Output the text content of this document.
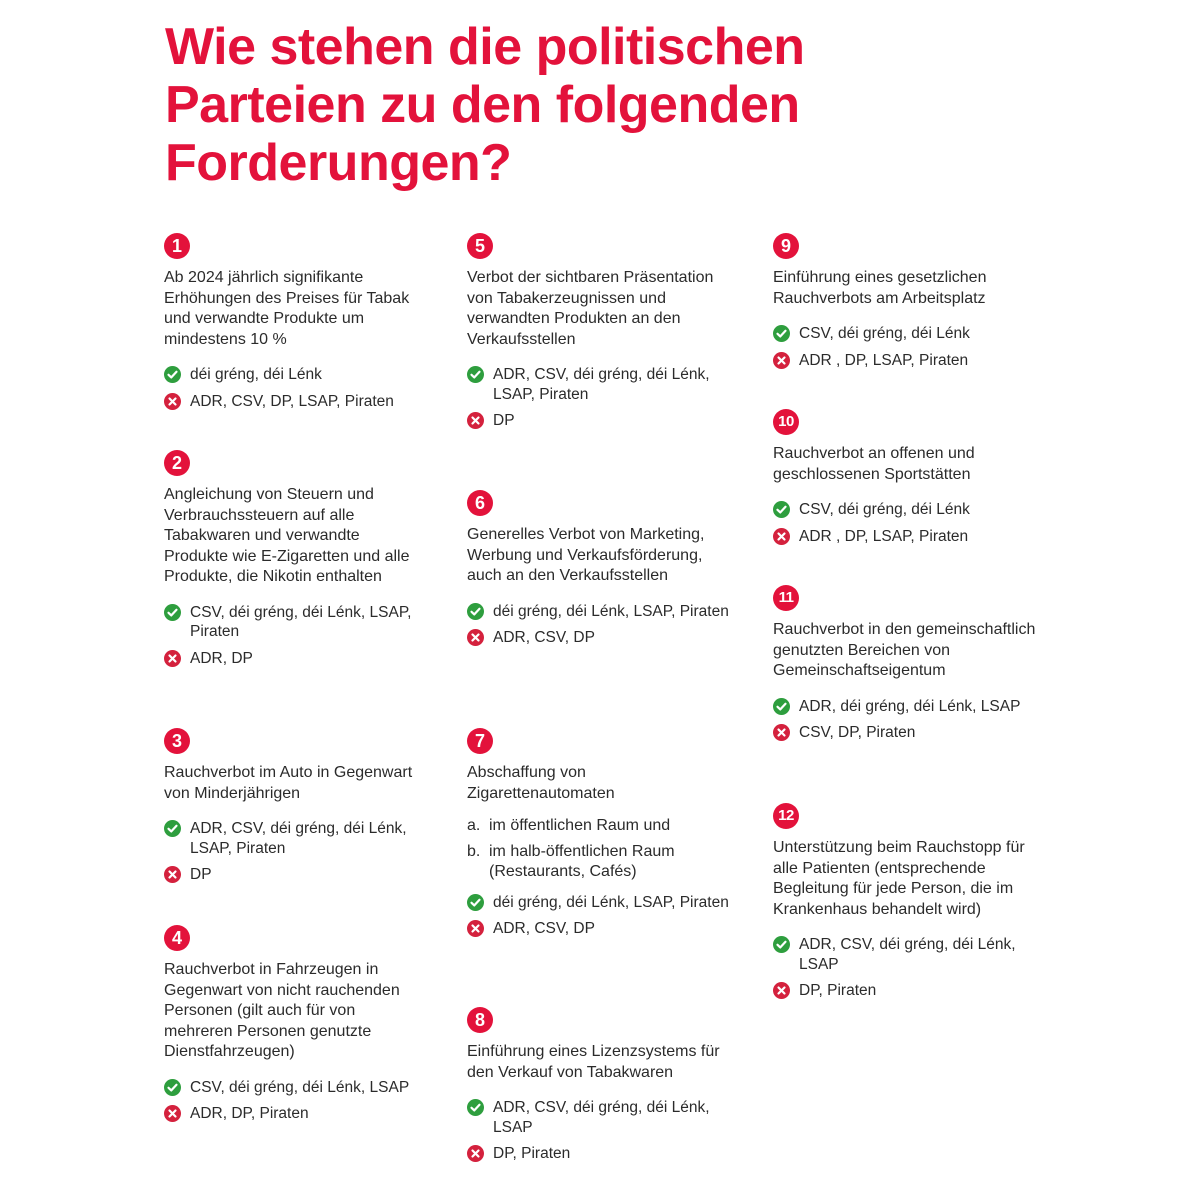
Wie stehen die politischen
Parteien zu den folgenden
Forderungen?
1
Ab 2024 jährlich signifikante Erhöhungen des Preises für Tabak und verwandte Produkte um mindestens 10 %
déi gréng, déi Lénk
ADR, CSV, DP, LSAP, Piraten
2
Angleichung von Steuern und Verbrauchssteuern auf alle Tabakwaren und verwandte Produkte wie E-Zigaretten und alle Produkte, die Nikotin enthalten
CSV, déi gréng, déi Lénk, LSAP, Piraten
ADR, DP
3
Rauchverbot im Auto in Gegenwart von Minderjährigen
ADR, CSV, déi gréng, déi Lénk, LSAP, Piraten
DP
4
Rauchverbot in Fahrzeugen in Gegenwart von nicht rauchenden Personen (gilt auch für von mehreren Personen genutzte Dienstfahrzeugen)
CSV, déi gréng, déi Lénk, LSAP
ADR, DP, Piraten
5
Verbot der sichtbaren Präsentation von Tabakerzeugnissen und verwandten Produkten an den Verkaufsstellen
ADR, CSV, déi gréng, déi Lénk, LSAP, Piraten
DP
6
Generelles Verbot von Marketing, Werbung und Verkaufsförderung, auch an den Verkaufsstellen
déi gréng, déi Lénk, LSAP, Piraten
ADR, CSV, DP
7
Abschaffung von Zigarettenautomaten
a. im öffentlichen Raum und
b. im halb-öffentlichen Raum (Restaurants, Cafés)
déi gréng, déi Lénk, LSAP, Piraten
ADR, CSV, DP
8
Einführung eines Lizenzsystems für den Verkauf von Tabakwaren
ADR, CSV, déi gréng, déi Lénk, LSAP
DP, Piraten
9
Einführung eines gesetzlichen Rauchverbots am Arbeitsplatz
CSV, déi gréng, déi Lénk
ADR , DP, LSAP, Piraten
10
Rauchverbot an offenen und geschlossenen Sportstätten
CSV, déi gréng, déi Lénk
ADR , DP, LSAP, Piraten
11
Rauchverbot in den gemeinschaftlich genutzten Bereichen von Gemeinschaftseigentum
ADR, déi gréng, déi Lénk, LSAP
CSV, DP, Piraten
12
Unterstützung beim Rauchstopp für alle Patienten (entsprechende Begleitung für jede Person, die im Krankenhaus behandelt wird)
ADR, CSV, déi gréng, déi Lénk, LSAP
DP, Piraten
